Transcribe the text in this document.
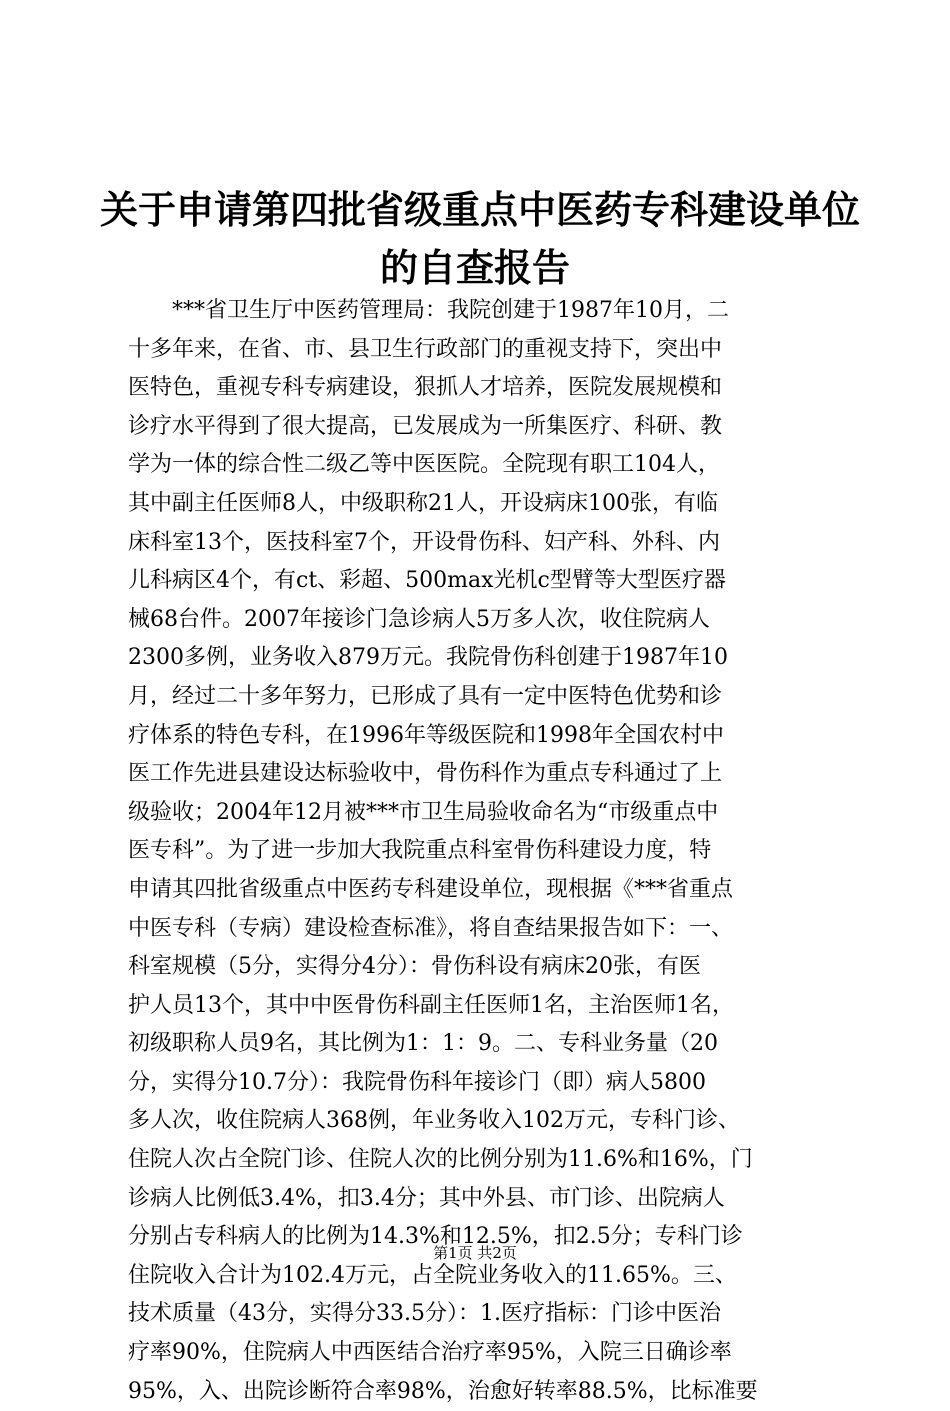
关于申请第四批省级重点中医药专科建设单位
的自查报告
　　***省卫生厅中医药管理局：我院创建于1987年10月，二
十多年来，在省、市、县卫生行政部门的重视支持下，突出中
医特色，重视专科专病建设，狠抓人才培养，医院发展规模和
诊疗水平得到了很大提高，已发展成为一所集医疗、科研、教
学为一体的综合性二级乙等中医医院。全院现有职工104人，
其中副主任医师8人，中级职称21人，开设病床100张，有临
床科室13个，医技科室7个，开设骨伤科、妇产科、外科、内
儿科病区4个，有ct、彩超、500max光机c型臂等大型医疗器
械68台件。2007年接诊门急诊病人5万多人次，收住院病人
2300多例，业务收入879万元。我院骨伤科创建于1987年10
月，经过二十多年努力，已形成了具有一定中医特色优势和诊
疗体系的特色专科，在1996年等级医院和1998年全国农村中
医工作先进县建设达标验收中，骨伤科作为重点专科通过了上
级验收；2004年12月被***市卫生局验收命名为“市级重点中
医专科”。为了进一步加大我院重点科室骨伤科建设力度，特
申请其四批省级重点中医药专科建设单位，现根据《***省重点
中医专科（专病）建设检查标准》，将自查结果报告如下：一、
科室规模（5分，实得分4分）：骨伤科设有病床20张，有医
护人员13个，其中中医骨伤科副主任医师1名，主治医师1名，
初级职称人员9名，其比例为1：1：9。二、专科业务量（20
分，实得分10.7分）：我院骨伤科年接诊门（即）病人5800
多人次，收住院病人368例，年业务收入102万元，专科门诊、
住院人次占全院门诊、住院人次的比例分别为11.6%和16%，门
诊病人比例低3.4%，扣3.4分；其中外县、市门诊、出院病人
分别占专科病人的比例为14.3%和12.5%，扣2.5分；专科门诊
住院收入合计为102.4万元，占全院业务收入的11.65%。三、
技术质量（43分，实得分33.5分）：1.医疗指标：门诊中医治
疗率90%，住院病人中西医结合治疗率95%，入院三日确诊率
95%，入、出院诊断符合率98%，治愈好转率88.5%，比标准要
第1页 共2页
